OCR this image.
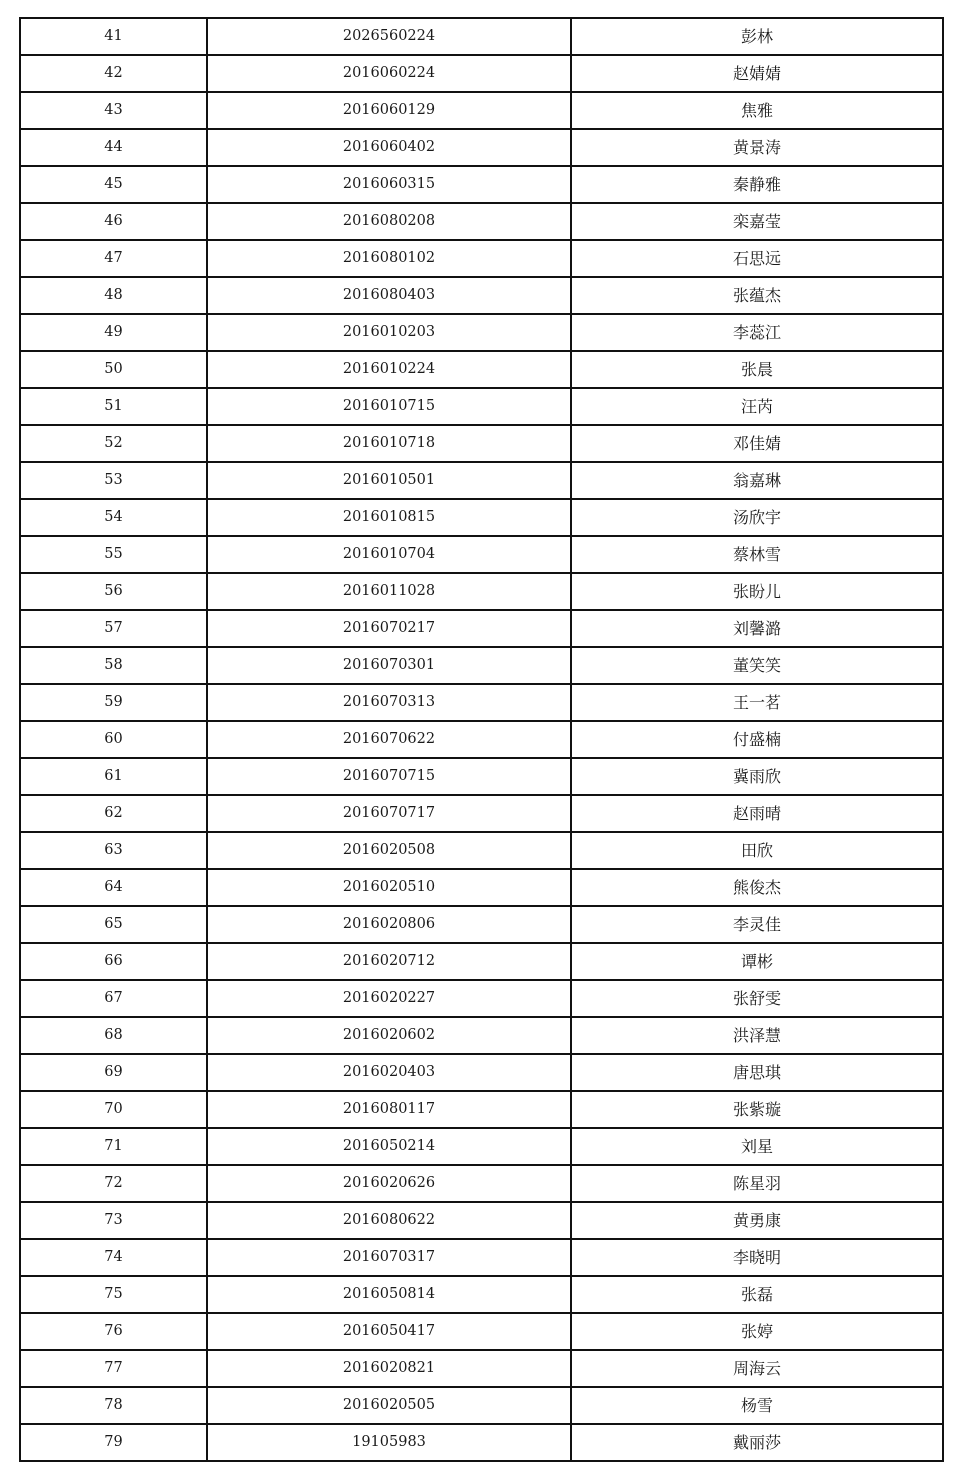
41	2026560224	彭林
42	2016060224	赵婧婧
43	2016060129	焦雅
44	2016060402	黄景涛
45	2016060315	秦静雅
46	2016080208	栾嘉莹
47	2016080102	石思远
48	2016080403	张蕴杰
49	2016010203	李蕊江
50	2016010224	张晨
51	2016010715	汪芮
52	2016010718	邓佳婧
53	2016010501	翁嘉琳
54	2016010815	汤欣宇
55	2016010704	蔡林雪
56	2016011028	张盼儿
57	2016070217	刘馨潞
58	2016070301	董笑笑
59	2016070313	王一茗
60	2016070622	付盛楠
61	2016070715	冀雨欣
62	2016070717	赵雨晴
63	2016020508	田欣
64	2016020510	熊俊杰
65	2016020806	李灵佳
66	2016020712	谭彬
67	2016020227	张舒雯
68	2016020602	洪泽慧
69	2016020403	唐思琪
70	2016080117	张紫璇
71	2016050214	刘星
72	2016020626	陈星羽
73	2016080622	黄勇康
74	2016070317	李晓明
75	2016050814	张磊
76	2016050417	张婷
77	2016020821	周海云
78	2016020505	杨雪
79	19105983	戴丽莎
